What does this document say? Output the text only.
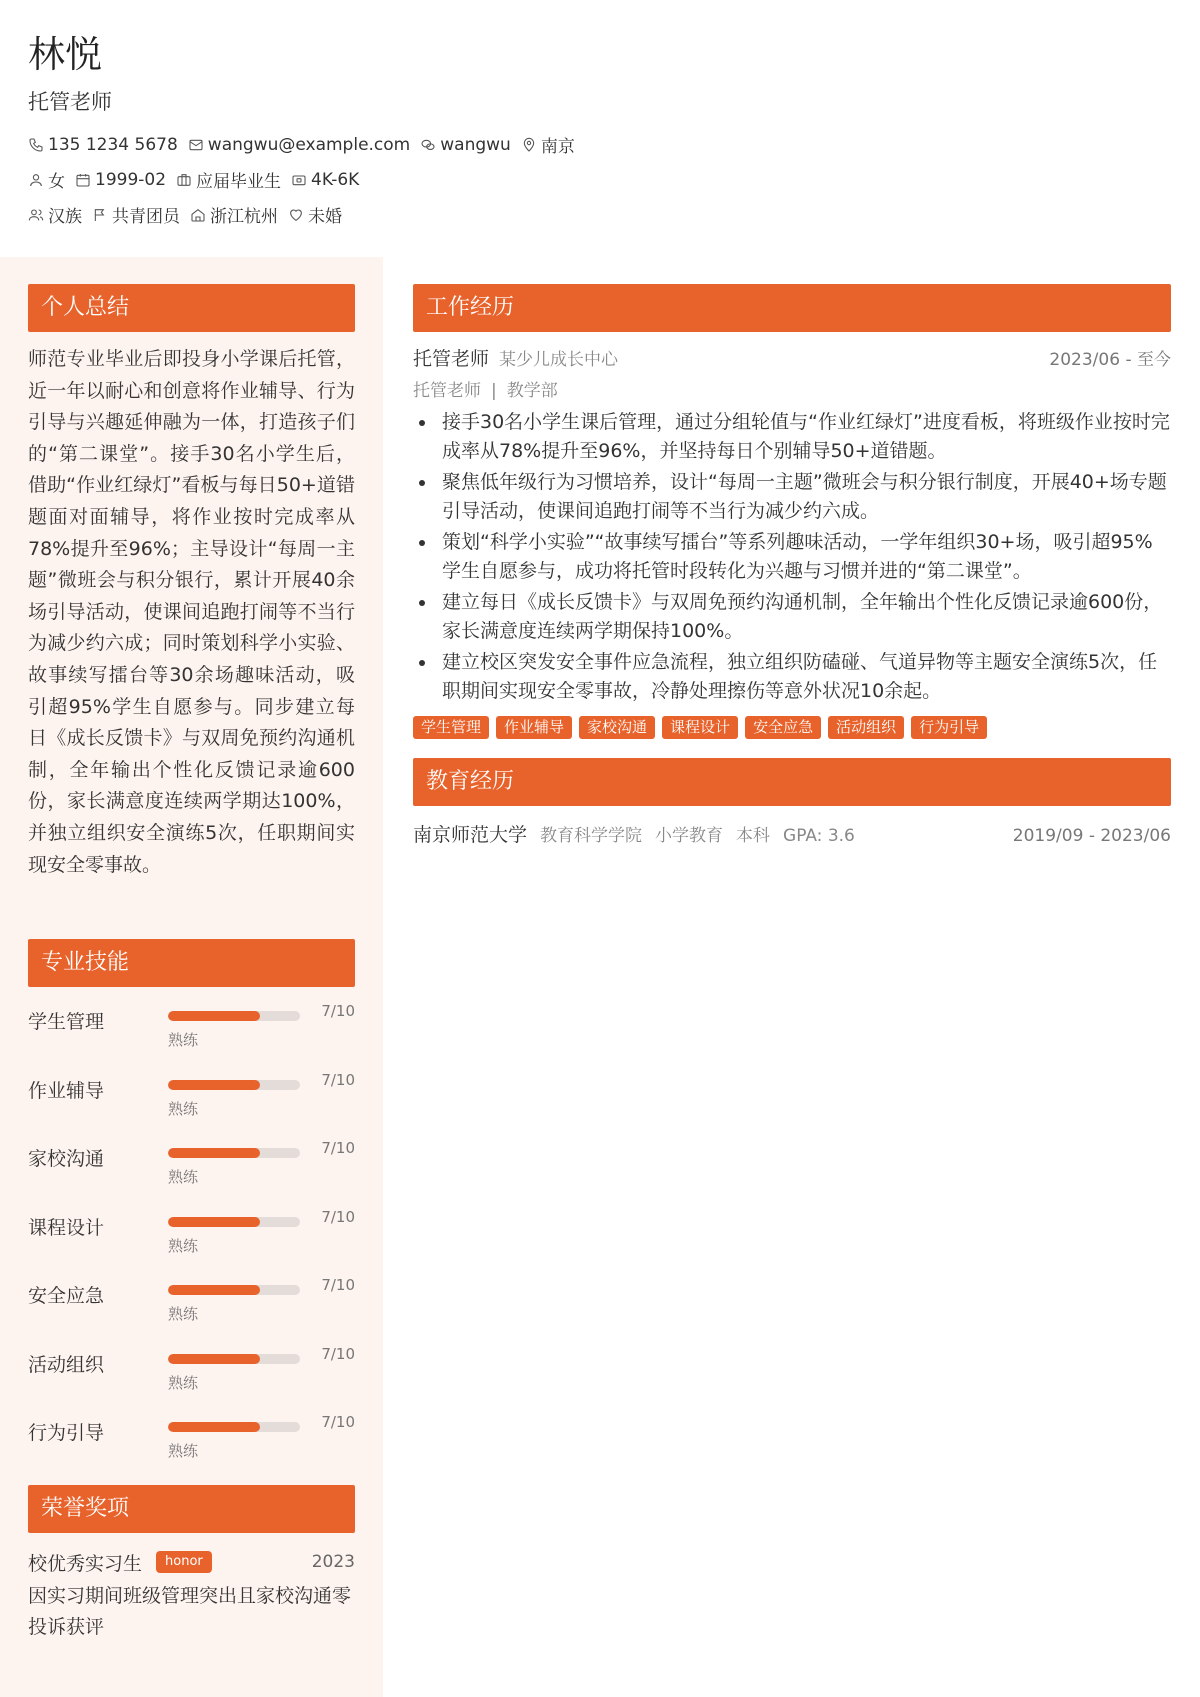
林悦
托管老师
135 1234 5678 wangwu@example.com wangwu 南京
女 1999-02 应届毕业生 4K-6K
汉族 共青团员 浙江杭州 未婚
个人总结
师范专业毕业后即投身小学课后托管，近一年以耐心和创意将作业辅导、行为引导与兴趣延伸融为一体，打造孩子们的“第二课堂”。接手30名小学生后，借助“作业红绿灯”看板与每日50+道错题面对面辅导，将作业按时完成率从78%提升至96%；主导设计“每周一主题”微班会与积分银行，累计开展40余场引导活动，使课间追跑打闹等不当行为减少约六成；同时策划科学小实验、故事续写擂台等30余场趣味活动，吸引超95%学生自愿参与。同步建立每日《成长反馈卡》与双周免预约沟通机制，全年输出个性化反馈记录逾600份，家长满意度连续两学期达100%，并独立组织安全演练5次，任职期间实现安全零事故。
专业技能
学生管理	7/10
熟练
作业辅导	7/10
熟练
家校沟通	7/10
熟练
课程设计	7/10
熟练
安全应急	7/10
熟练
活动组织	7/10
熟练
行为引导	7/10
熟练
荣誉奖项
校优秀实习生	honor	2023
因实习期间班级管理突出且家校沟通零投诉获评
工作经历
托管老师 某少儿成长中心	2023/06 - 至今
托管老师 | 教学部
接手30名小学生课后管理，通过分组轮值与“作业红绿灯”进度看板，将班级作业按时完成率从78%提升至96%，并坚持每日个别辅导50+道错题。
聚焦低年级行为习惯培养，设计“每周一主题”微班会与积分银行制度，开展40+场专题引导活动，使课间追跑打闹等不当行为减少约六成。
策划“科学小实验”“故事续写擂台”等系列趣味活动，一学年组织30+场，吸引超95%学生自愿参与，成功将托管时段转化为兴趣与习惯并进的“第二课堂”。
建立每日《成长反馈卡》与双周免预约沟通机制，全年输出个性化反馈记录逾600份，家长满意度连续两学期保持100%。
建立校区突发安全事件应急流程，独立组织防磕碰、气道异物等主题安全演练5次，任职期间实现安全零事故，冷静处理擦伤等意外状况10余起。
学生管理	作业辅导	家校沟通	课程设计	安全应急	活动组织	行为引导
教育经历
南京师范大学 教育科学学院 小学教育 本科 GPA: 3.6	2019/09 - 2023/06
